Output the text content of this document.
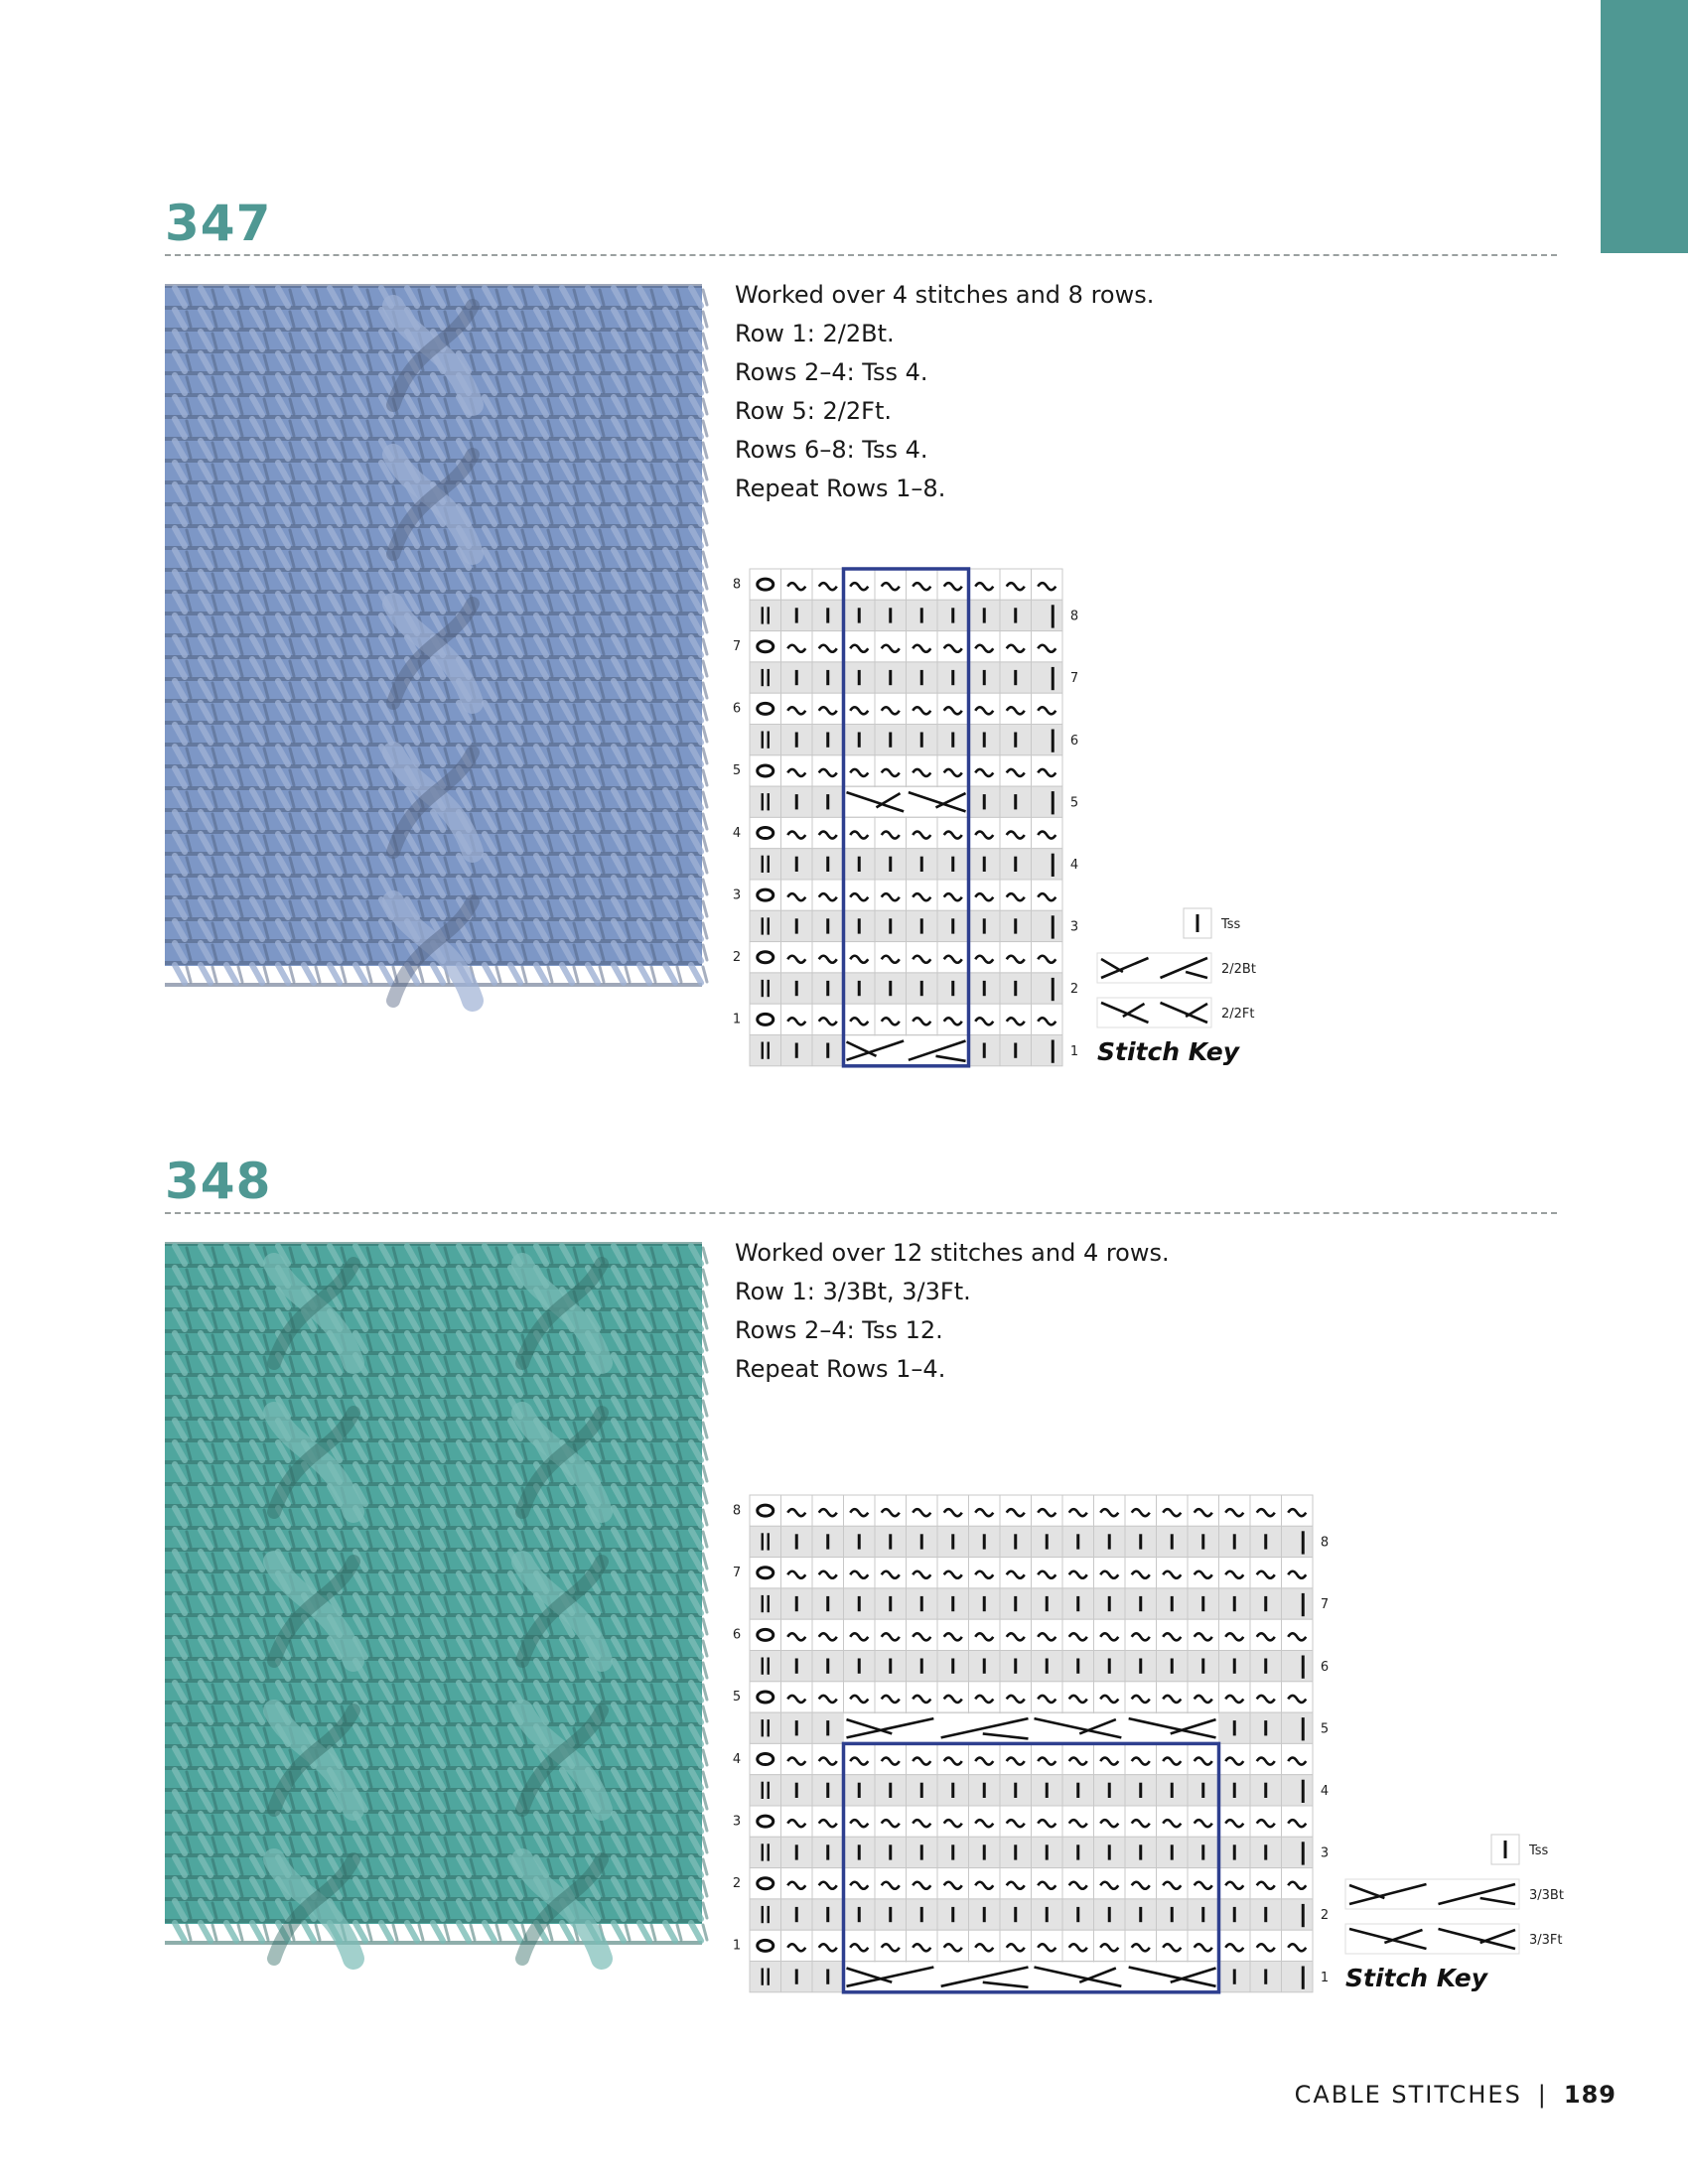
347
Worked over 4 stitches and 8 rows.
Row 1: 2/2Bt.
Rows 2–4: Tss 4.
Row 5: 2/2Ft.
Rows 6–8: Tss 4.
Repeat Rows 1–8.
8
8
7
7
6
6
5
5
4
4
3
3
2
2
1
1
Tss
2/2Bt
2/2Ft
Stitch Key
348
Worked over 12 stitches and 4 rows.
Row 1: 3/3Bt, 3/3Ft.
Rows 2–4: Tss 12.
Repeat Rows 1–4.
8
8
7
7
6
6
5
5
4
4
3
3
2
2
1
1
Tss
3/3Bt
3/3Ft
Stitch Key
CABLE STITCHES | 189
